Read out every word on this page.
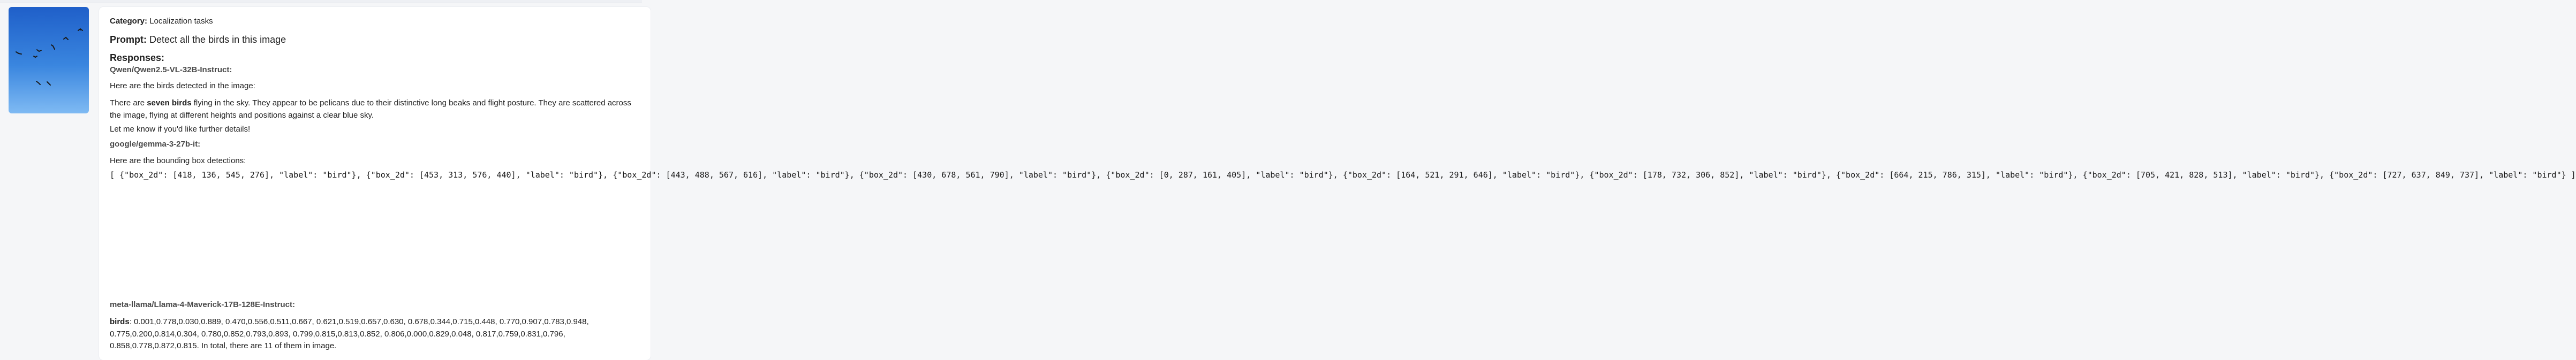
Category: Localization tasks
Prompt: Detect all the birds in this image
Responses:
Qwen/Qwen2.5-VL-32B-Instruct:
Here are the birds detected in the image:
There are seven birds flying in the sky. They appear to be pelicans due to their distinctive long beaks and flight posture. They are scattered across the image, flying at different heights and positions against a clear blue sky.
Let me know if you'd like further details!
google/gemma-3-27b-it:
Here are the bounding box detections:
[ {"box_2d": [418, 136, 545, 276], "label": "bird"}, {"box_2d": [453, 313, 576, 440], "label": "bird"}, {"box_2d": [443, 488, 567, 616], "label": "bird"}, {"box_2d": [430, 678, 561, 790], "label": "bird"}, {"box_2d": [0, 287, 161, 405], "label": "bird"}, {"box_2d": [164, 521, 291, 646], "label": "bird"}, {"box_2d": [178, 732, 306, 852], "label": "bird"}, {"box_2d": [664, 215, 786, 315], "label": "bird"}, {"box_2d": [705, 421, 828, 513], "label": "bird"}, {"box_2d": [727, 637, 849, 737], "label": "bird"} ]
meta-llama/Llama-4-Maverick-17B-128E-Instruct:
birds: 0.001,0.778,0.030,0.889, 0.470,0.556,0.511,0.667, 0.621,0.519,0.657,0.630, 0.678,0.344,0.715,0.448, 0.770,0.907,0.783,0.948, 0.775,0.200,0.814,0.304, 0.780,0.852,0.793,0.893, 0.799,0.815,0.813,0.852, 0.806,0.000,0.829,0.048, 0.817,0.759,0.831,0.796, 0.858,0.778,0.872,0.815. In total, there are 11 of them in image.
